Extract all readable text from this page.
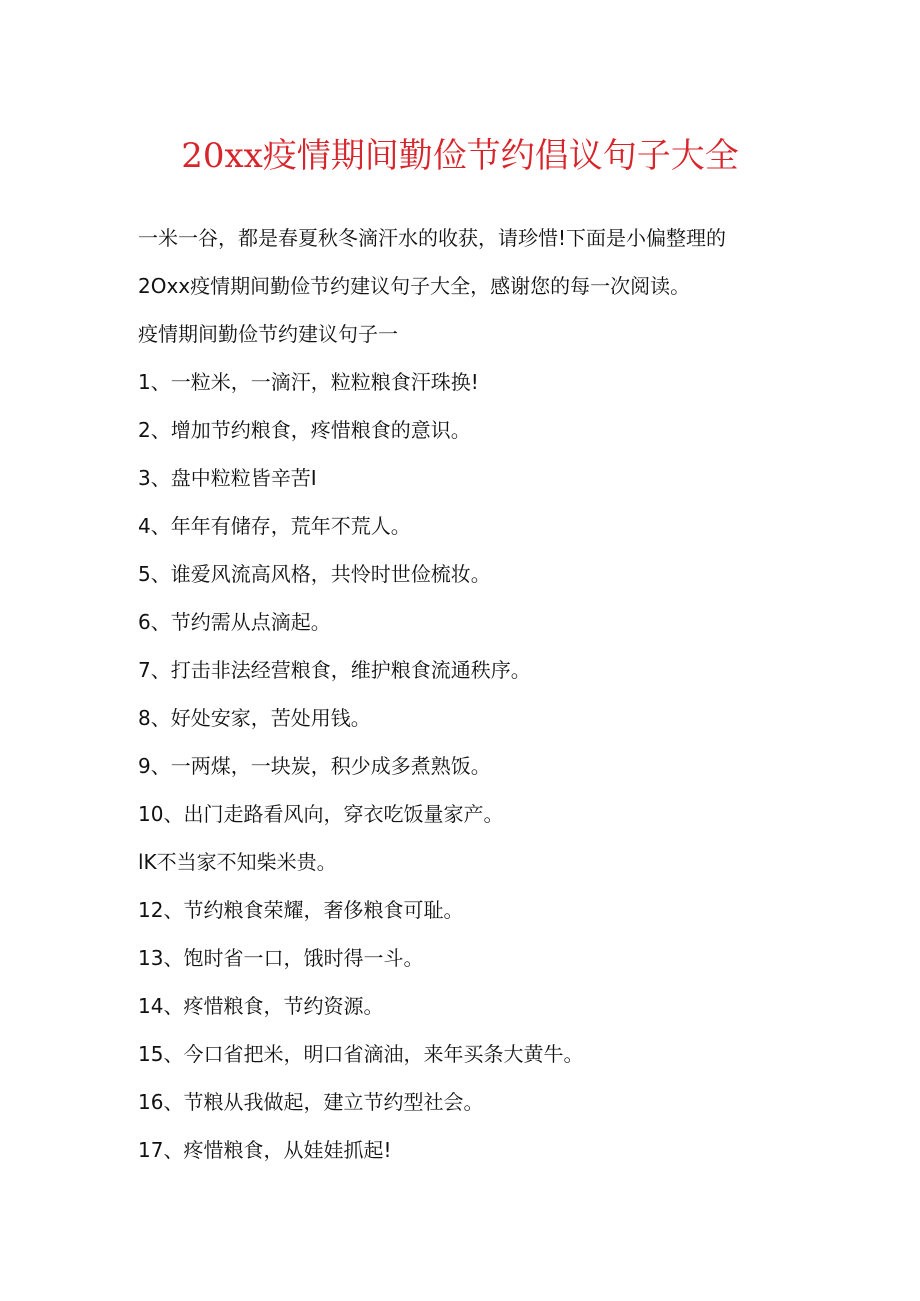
20xx疫情期间勤俭节约倡议句子大全

一米一谷，都是春夏秋冬滴汗水的收获，请珍惜!下面是小偏整理的

2Oxx疫情期间勤俭节约建议句子大全，感谢您的每一次阅读。

疫情期间勤俭节约建议句子一

1、一粒米，一滴汗，粒粒粮食汗珠换!
2、增加节约粮食，疼惜粮食的意识。
3、盘中粒粒皆辛苦I
4、年年有储存，荒年不荒人。
5、谁爱风流高风格，共怜时世俭梳妆。
6、节约需从点滴起。
7、打击非法经营粮食，维护粮食流通秩序。
8、好处安家，苦处用钱。
9、一两煤，一块炭，积少成多煮熟饭。
10、出门走路看风向，穿衣吃饭量家产。
lK不当家不知柴米贵。
12、节约粮食荣耀，奢侈粮食可耻。
13、饱时省一口，饿时得一斗。
14、疼惜粮食，节约资源。
15、今口省把米，明口省滴油，来年买条大黄牛。
16、节粮从我做起，建立节约型社会。
17、疼惜粮食，从娃娃抓起!
